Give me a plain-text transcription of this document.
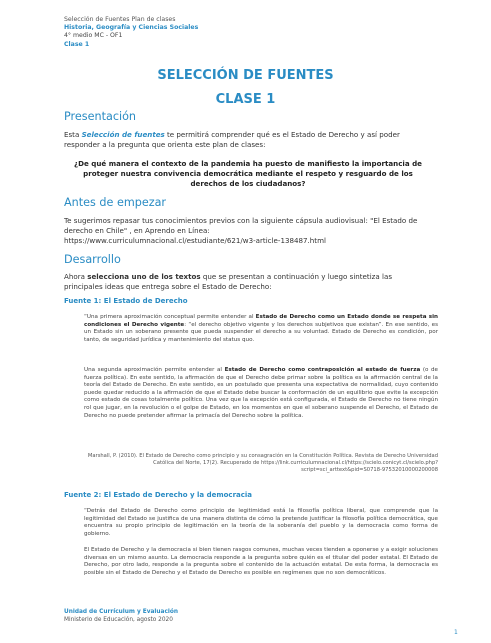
Selección de Fuentes Plan de clases
Historia, Geografía y Ciencias Sociales
4° medio MC - OF1
Clase 1
SELECCIÓN DE FUENTES
CLASE 1
Presentación

Esta Selección de fuentes te permitirá comprender qué es el Estado de Derecho y así poder responder a la pregunta que orienta este plan de clases:

¿De qué manera el contexto de la pandemia ha puesto de manifiesto la importancia de proteger nuestra convivencia democrática mediante el respeto y resguardo de los derechos de los ciudadanos?
Antes de empezar

Te sugerimos repasar tus conocimientos previos con la siguiente cápsula audiovisual: "El Estado de derecho en Chile" , en Aprendo en Línea:

https://www.curriculumnacional.cl/estudiante/621/w3-article-138487.html

Desarrollo

Ahora selecciona uno de los textos que se presentan a continuación y luego sintetiza las principales ideas que entrega sobre el Estado de Derecho:

Fuente 1: El Estado de Derecho

“Una primera aproximación conceptual permite entender al Estado de Derecho como un Estado donde se respeta sin condiciones el Derecho vigente: “el derecho objetivo vigente y los derechos subjetivos que existan”. En ese sentido, es un Estado sin un soberano presente que pueda suspender el derecho a su voluntad. Estado de Derecho es condición, por tanto, de seguridad jurídica y mantenimiento del status quo.

Una segunda aproximación permite entender al Estado de Derecho como contraposición al estado de fuerza (o de fuerza política). En este sentido, la afirmación de que el Derecho debe primar sobre la política es la afirmación central de la teoría del Estado de Derecho. En este sentido, es un postulado que presenta una expectativa de normalidad, cuyo contenido puede quedar reducido a la afirmación de que el Estado debe buscar la conformación de un equilibrio que evite la excepción como estado de cosas totalmente político. Una vez que la excepción está configurada, el Estado de Derecho no tiene ningún rol que jugar, en la revolución o el golpe de Estado, en los momentos en que el soberano suspende el Derecho, el Estado de Derecho no puede pretender afirmar la primacía del Derecho sobre la política.

Marshall, P. (2010). El Estado de Derecho como principio y su consagración en la Constitución Política. Revista de Derecho Universidad Católica del Norte, 17(2). Recuperado de https://link.curriculumnacional.cl/https://scielo.conicyt.cl/scielo.php?script=sci_arttext&pid=S0718-97532010000200008
Fuente 2: El Estado de Derecho y la democracia

“Detrás del Estado de Derecho como principio de legitimidad está la filosofía política liberal, que comprende que la legitimidad del Estado se justifica de una manera distinta de cómo la pretende justificar la filosofía política democrática, que encuentra su propio principio de legitimación en la teoría de la soberanía del pueblo y la democracia como forma de gobierno.

El Estado de Derecho y la democracia si bien tienen rasgos comunes, muchas veces tienden a oponerse y a exigir soluciones diversas en un mismo asunto. La democracia responde a la pregunta sobre quién es el titular del poder estatal. El Estado de Derecho, por otro lado, responde a la pregunta sobre el contenido de la actuación estatal. De esta forma, la democracia es posible sin el Estado de Derecho y el Estado de Derecho es posible en regímenes que no son democráticos.

Unidad de Currículum y Evaluación
Ministerio de Educación, agosto 2020
1
